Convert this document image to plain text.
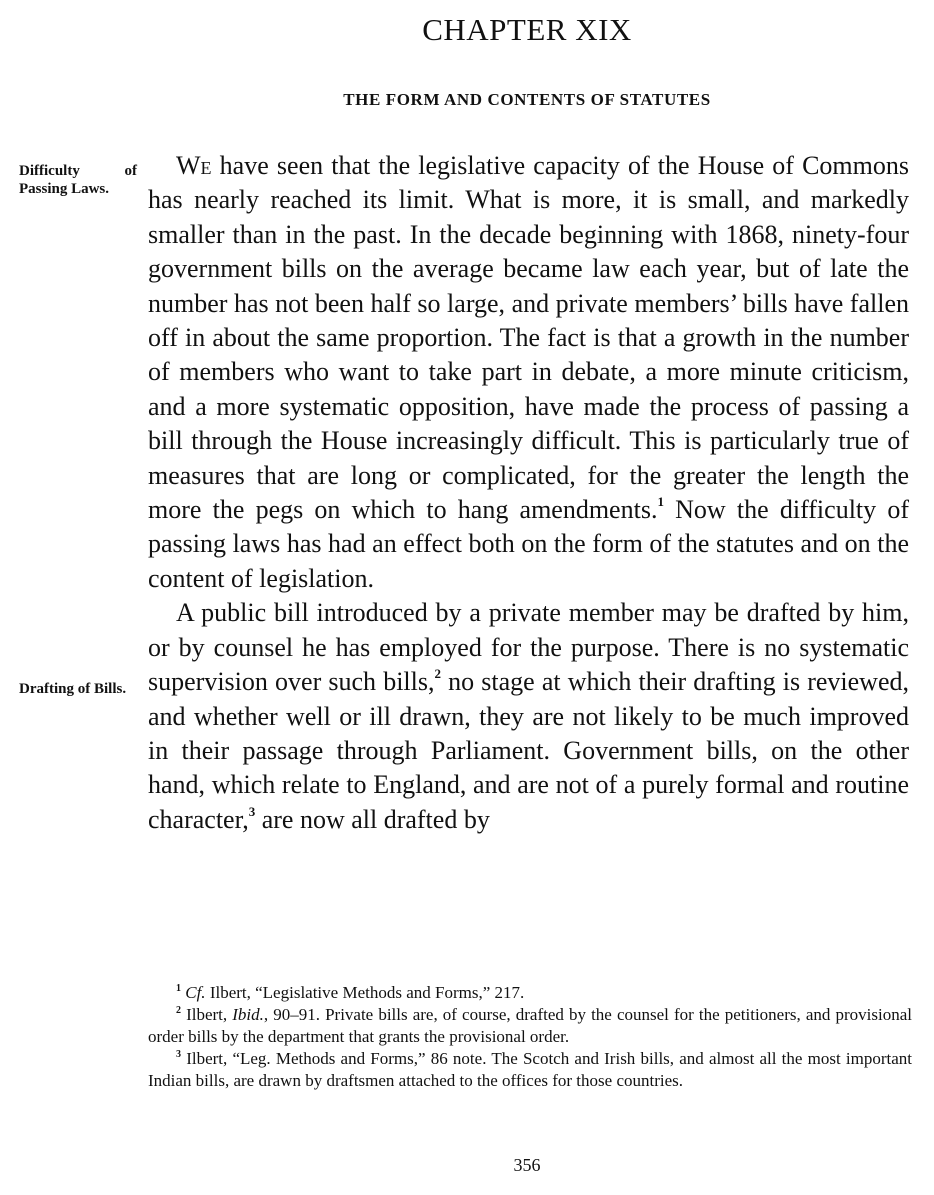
CHAPTER XIX
THE FORM AND CONTENTS OF STATUTES
Difficulty of Passing Laws.
Drafting of Bills.

We have seen that the legislative capacity of the House of Commons has nearly reached its limit. What is more, it is small, and markedly smaller than in the past. In the decade beginning with 1868, ninety-four government bills on the average became law each year, but of late the number has not been half so large, and private members’ bills have fallen off in about the same proportion. The fact is that a growth in the number of members who want to take part in debate, a more minute criticism, and a more systematic opposition, have made the process of passing a bill through the House increasingly difficult. This is particularly true of measures that are long or complicated, for the greater the length the more the pegs on which to hang amendments.$^1$ Now the difficulty of passing laws has had an effect both on the form of the statutes and on the content of legislation.

A public bill introduced by a private member may be drafted by him, or by counsel he has employed for the purpose. There is no systematic supervision over such bills,$^2$ no stage at which their drafting is reviewed, and whether well or ill drawn, they are not likely to be much improved in their passage through Parliament. Government bills, on the other hand, which relate to England, and are not of a purely formal and routine character,$^3$ are now all drafted by

$^1$ Cf. Ilbert, “Legislative Methods and Forms,” 217.

$^2$ Ilbert, Ibid., 90–91. Private bills are, of course, drafted by the counsel for the petitioners, and provisional order bills by the department that grants the provisional order.

$^3$ Ilbert, “Leg. Methods and Forms,” 86 note. The Scotch and Irish bills, and almost all the most important Indian bills, are drawn by draftsmen attached to the offices for those countries.

356
